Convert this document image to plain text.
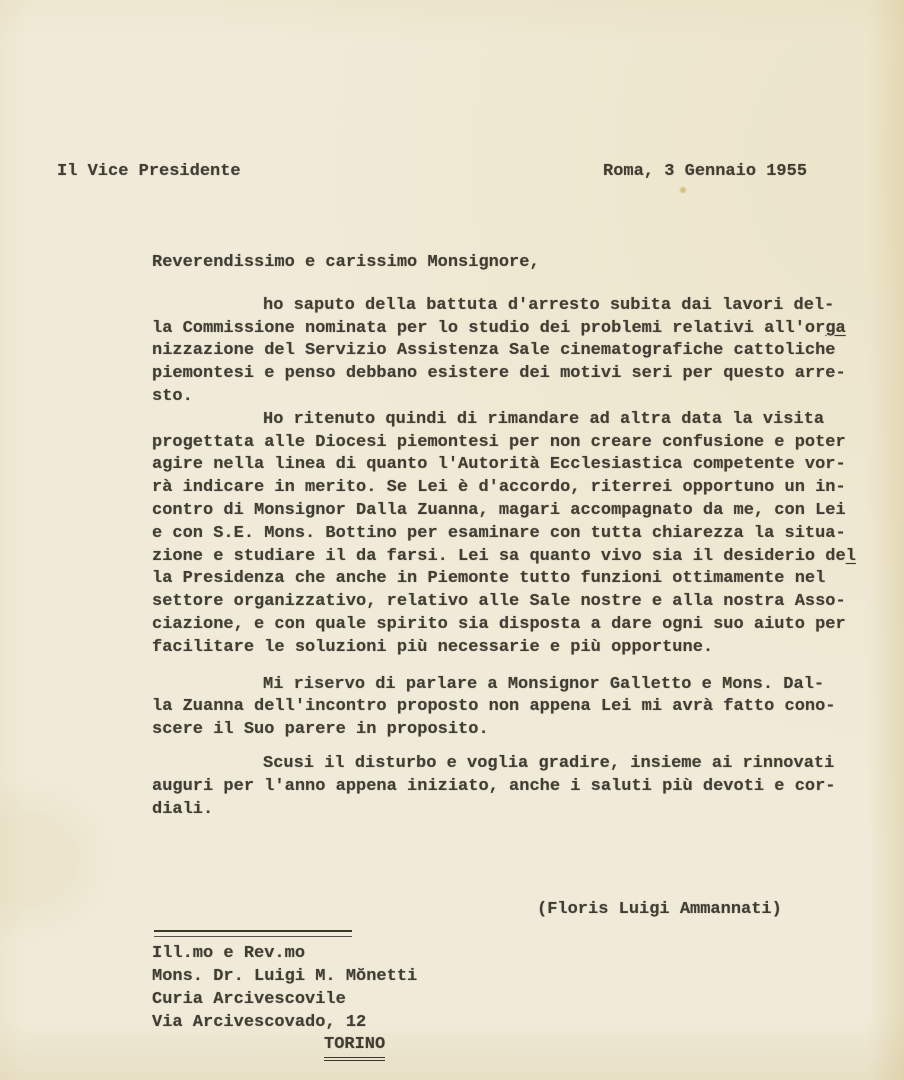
Il Vice Presidente	Roma, 3 Gennaio 1955
Reverendissimo e carissimo Monsignore,
ho saputo della battuta d'arresto subita dai lavori del-
la Commissione nominata per lo studio dei problemi relativi all'orga
nizzazione del Servizio Assistenza Sale cinematografiche cattoliche
piemontesi e penso debbano esistere dei motivi seri per questo arre-
sto.
Ho ritenuto quindi di rimandare ad altra data la visita
progettata alle Diocesi piemontesi per non creare confusione e poter
agire nella linea di quanto l'Autorità Ecclesiastica competente vor-
rà indicare in merito. Se Lei è d'accordo, riterrei opportuno un in-
contro di Monsignor Dalla Zuanna, magari accompagnato da me, con Lei
e con S.E. Mons. Bottino per esaminare con tutta chiarezza la situa-
zione e studiare il da farsi. Lei sa quanto vivo sia il desiderio del
la Presidenza che anche in Piemonte tutto funzioni ottimamente nel
settore organizzativo, relativo alle Sale nostre e alla nostra Asso-
ciazione, e con quale spirito sia disposta a dare ogni suo aiuto per
facilitare le soluzioni più necessarie e più opportune.
Mi riservo di parlare a Monsignor Galletto e Mons. Dal-
la Zuanna dell'incontro proposto non appena Lei mi avrà fatto cono-
scere il Suo parere in proposito.
Scusi il disturbo e voglia gradire, insieme ai rinnovati
auguri per l'anno appena iniziato, anche i saluti più devoti e cor-
diali.
(Floris Luigi Ammannati)
Ill.mo e Rev.mo
Mons. Dr. Luigi M. Mŏnetti
Curia Arcivescovile
Via Arcivescovado, 12
TORINO
